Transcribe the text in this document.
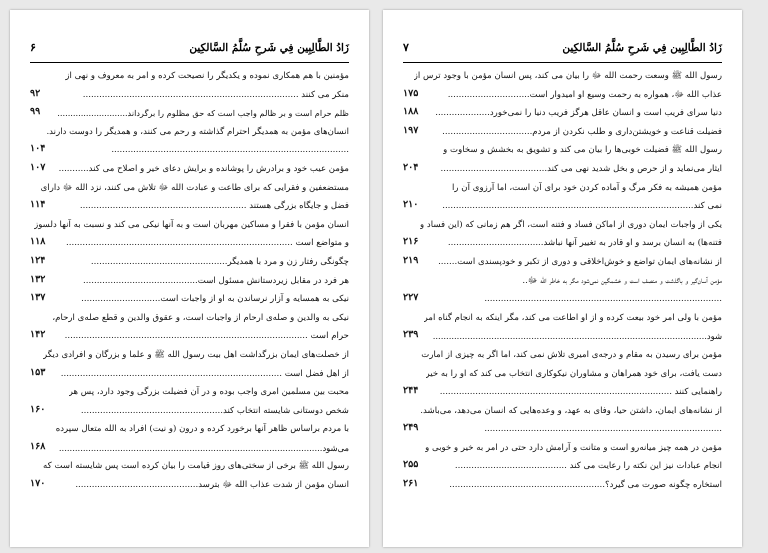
زَادُ الطَّالِبِين فِي شَرحِ سُلَّمُ السَّالكِين
۶
مؤمنین با هم همکاری نموده و یکدیگر را نصیحت کرده و امر به معروف و نهی از
منکر می کنند ...............................................................................
۹۲
ظلم حرام است و بر ظالم واجب است که حق مظلوم را برگرداند...........................
۹۹
انسان‌های مؤمن به همدیگر احترام گذاشته و رحم می کنند، و همدیگر را دوست دارند.
.......................................................................................
۱۰۴
مؤمن عیب خود و برادرش را پوشانده و برایش دعای خیر و اصلاح می کند...........
۱۰۷
مستضعفین و فقرایی که برای طاعت و عبادت الله ﷻ تلاش می کنند، نزد الله ﷻ دارای
فضل و جایگاه بزرگی هستند .............................................................
۱۱۴
انسان مؤمن با فقرا و مساکین مهربان است و به آنها نیکی می کند و نسبت به آنها دلسوز
و متواضع است ...................................................................................
۱۱۸
چگونگی رفتار زن و مرد با همدیگر..................................................
۱۲۴
هر فرد در مقابل زیردستانش مسئول است..........................................
۱۳۲
نیکی به همسایه و آزار نرساندن به او از واجبات است.............................
۱۳۷
نیکی به والدین و صله‌ی ارحام از واجبات است، و عقوق والدین و قطع صله‌ی ارحام،
حرام است .........................................................................................
۱۴۲
از خصلت‌های ایمان بزرگداشت اهل بیت رسول الله ﷺ و علما و بزرگان و افرادی دیگر
از اهل فضل است .................................................................................
۱۵۳
محبت بین مسلمین امری واجب بوده و در آن فضیلت بزرگی وجود دارد، پس هر
شخص دوستانی شایسته انتخاب کند....................................................
۱۶۰
با مردم براساس ظاهر آنها برخورد کرده و درون (و نیت) افراد به الله متعال سپرده
می‌شود...................................................................................................
۱۶۸
رسول الله ﷺ برخی از سختی‌های روز قیامت را بیان کرده است پس شایسته است که
انسان مؤمن از شدت عذاب الله ﷻ بترسد.............................................
۱۷۰
زَادُ الطَّالِبِين فِي شَرحِ سُلَّمُ السَّالكِين
۷
رسول الله ﷺ وسعت رحمت الله ﷻ را بیان می کند، پس انسان مؤمن با وجود ترس از
عذاب الله ﷻ، همواره به رحمت وسیع او امیدوار است..............................
۱۷۵
دنیا سرای فریب است و انسان عاقل هرگز فریب دنیا را نمی‌خورد....................
۱۸۸
فضیلت قناعت و خویشتن‌داری و طلب نکردن از مردم.................................
۱۹۷
رسول الله ﷺ فضیلت خوبی‌ها را بیان می کند و تشویق به بخشش و سخاوت و
ایثار می‌نماید و از حرص و بخل شدید نهی می کند.......................................
۲۰۴
مؤمن همیشه به فکر مرگ و آماده کردن خود برای آن است، اما آرزوی آن را
نمی کند............................................................................................
۲۱۰
یکی از واجبات ایمان دوری از اماکن فساد و فتنه است، اگر هم زمانی که (این فساد و
فتنه‌ها) به انسان برسد و او قادر به تغییر آنها نباشد...................................
۲۱۶
از نشانه‌های ایمان تواضع و خوش‌اخلاقی و دوری از تکبر و خودپسندی است.......
۲۱۹
مؤمن آسان‌گیر و باگذشت و منصف است و خشمگین نمی‌شود مگر به خاطر الله ﷻ..
.......................................................................................
۲۲۷
مؤمن با ولی امر خود بیعت کرده و از او اطاعت می کند، مگر اینکه به انجام گناه امر
شود.......................................................................................................
۲۳۹
مؤمن برای رسیدن به مقام و درجه‌ی امیری تلاش نمی کند، اما اگر به چیزی از امارت
دست یافت، برای خود همراهان و مشاوران نیکوکاری انتخاب می کند که او را به خیر
راهنمایی کنند .....................................................................................
۲۴۴
از نشانه‌های ایمان، داشتن حیا، وفای به عهد، و وعده‌هایی که انسان می‌دهد، می‌باشد.
.......................................................................................
۲۴۹
مؤمن در همه چیز میانه‌رو است و متانت و آرامش دارد حتی در امر به خیر و خوبی و
انجام عبادات نیز این نکته را رعایت می کند .........................................
۲۵۵
استخاره چگونه صورت می گیرد؟.........................................................
۲۶۱
